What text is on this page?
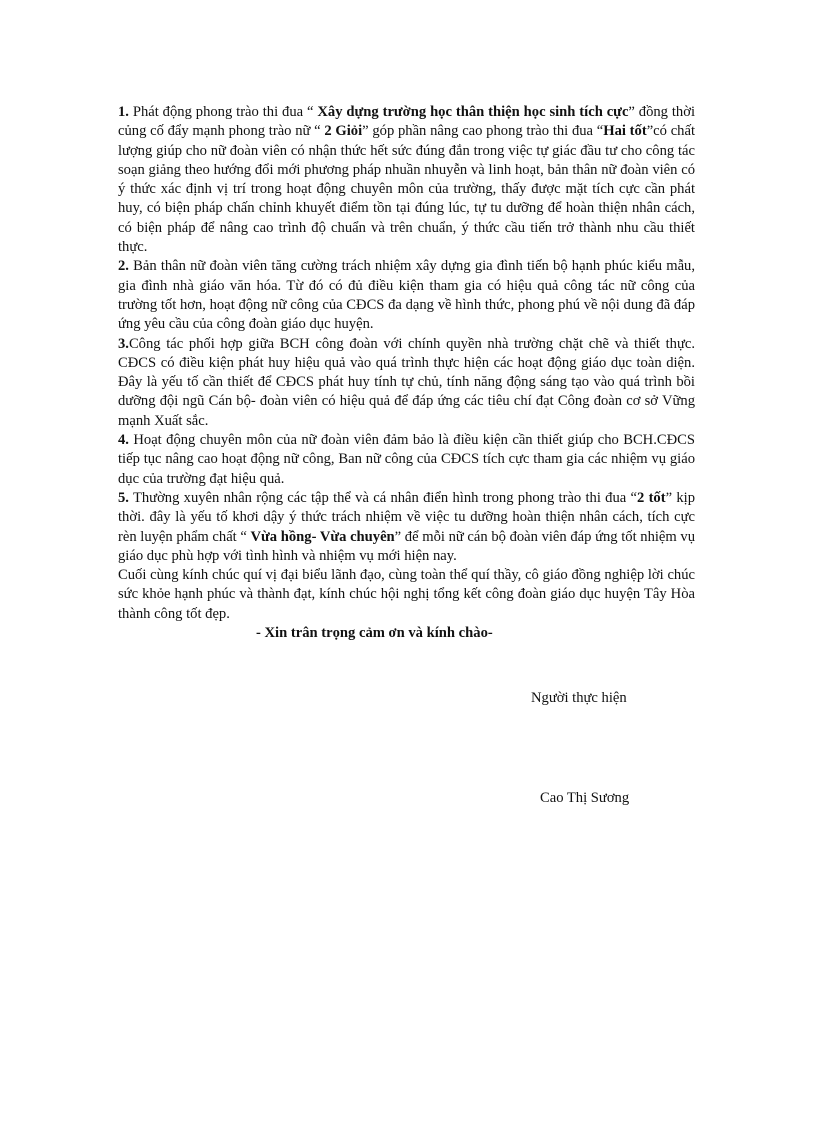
1. Phát động phong trào thi đua “ Xây dựng trường học thân thiện học sinh tích cực” đồng thời củng cố đẩy mạnh phong trào nữ “ 2 Giỏi” góp phần nâng cao phong trào thi đua “Hai tốt”có chất lượng giúp cho nữ đoàn viên có nhận thức hết sức đúng đắn trong việc tự giác đầu tư cho công tác soạn giảng theo hướng đổi mới phương pháp nhuần nhuyễn và linh hoạt, bản thân nữ đoàn viên có ý thức xác định vị trí trong hoạt động chuyên môn của trường, thấy được mặt tích cực cần phát huy, có biện pháp chấn chỉnh khuyết điểm tồn tại đúng lúc, tự tu dưỡng để hoàn thiện nhân cách, có biện pháp để nâng cao trình độ chuẩn và trên chuẩn, ý thức cầu tiến trở thành nhu cầu thiết thực.

2. Bản thân nữ đoàn viên tăng cường trách nhiệm xây dựng gia đình tiến bộ hạnh phúc kiểu mẫu, gia đình nhà giáo văn hóa. Từ đó có đủ điều kiện tham gia có hiệu quả công tác nữ công của trường tốt hơn, hoạt động nữ công của CĐCS đa dạng về hình thức, phong phú về nội dung đã đáp ứng yêu cầu của công đoàn giáo dục huyện.

3.Công tác phối hợp giữa BCH công đoàn với chính quyền nhà trường chặt chẽ và thiết thực. CĐCS có điều kiện phát huy hiệu quả vào quá trình thực hiện các hoạt động giáo dục toàn diện. Đây là yếu tố cần thiết để CĐCS phát huy tính tự chủ, tính năng động sáng tạo vào quá trình bồi dưỡng đội ngũ Cán bộ- đoàn viên có hiệu quả để đáp ứng các tiêu chí đạt Công đoàn cơ sở Vững mạnh Xuất sắc.

4. Hoạt động chuyên môn của nữ đoàn viên đảm bảo là điều kiện cần thiết giúp cho BCH.CĐCS tiếp tục nâng cao hoạt động nữ công, Ban nữ công của CĐCS tích cực tham gia các nhiệm vụ giáo dục của trường đạt hiệu quả.

5. Thường xuyên nhân rộng các tập thể và cá nhân điển hình trong phong trào thi đua “2 tốt” kịp thời. đây là yếu tố khơi dậy ý thức trách nhiệm về việc tu dưỡng hoàn thiện nhân cách, tích cực rèn luyện phẩm chất “ Vừa hồng- Vừa chuyên” để mỗi nữ cán bộ đoàn viên đáp ứng tốt nhiệm vụ giáo dục phù hợp với tình hình và nhiệm vụ mới hiện nay.

Cuối cùng kính chúc quí vị đại biểu lãnh đạo, cùng toàn thể quí thầy, cô giáo đồng nghiệp lời chúc sức khỏe hạnh phúc và thành đạt, kính chúc hội nghị tổng kết công đoàn giáo dục huyện Tây Hòa thành công tốt đẹp.

- Xin trân trọng cảm ơn và kính chào-

Người thực hiện
Cao Thị Sương
